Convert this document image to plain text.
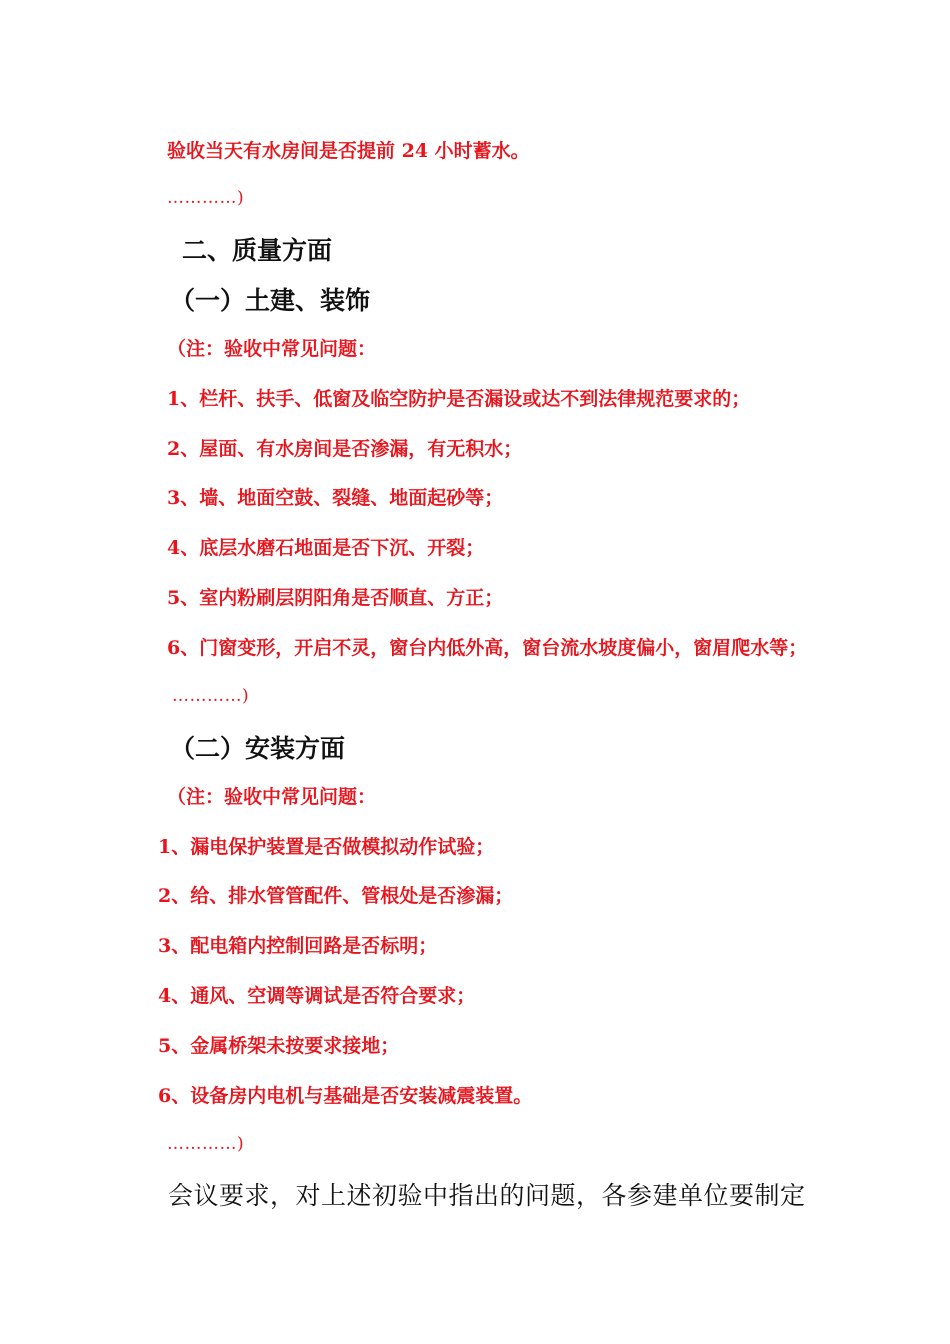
验收当天有水房间是否提前 24 小时蓄水。
…………)
二、质量方面
（一）土建、装饰
（注：验收中常见问题：
1、栏杆、扶手、低窗及临空防护是否漏设或达不到法律规范要求的；
2、屋面、有水房间是否渗漏，有无积水；
3、墙、地面空鼓、裂缝、地面起砂等；
4、底层水磨石地面是否下沉、开裂；
5、室内粉刷层阴阳角是否顺直、方正；
6、门窗变形，开启不灵，窗台内低外高，窗台流水坡度偏小，窗眉爬水等；
…………)
（二）安装方面
（注：验收中常见问题：
1、漏电保护装置是否做模拟动作试验；
2、给、排水管管配件、管根处是否渗漏；
3、配电箱内控制回路是否标明；
4、通风、空调等调试是否符合要求；
5、金属桥架未按要求接地；
6、设备房内电机与基础是否安装减震装置。
…………)
会议要求，对上述初验中指出的问题，各参建单位要制定
